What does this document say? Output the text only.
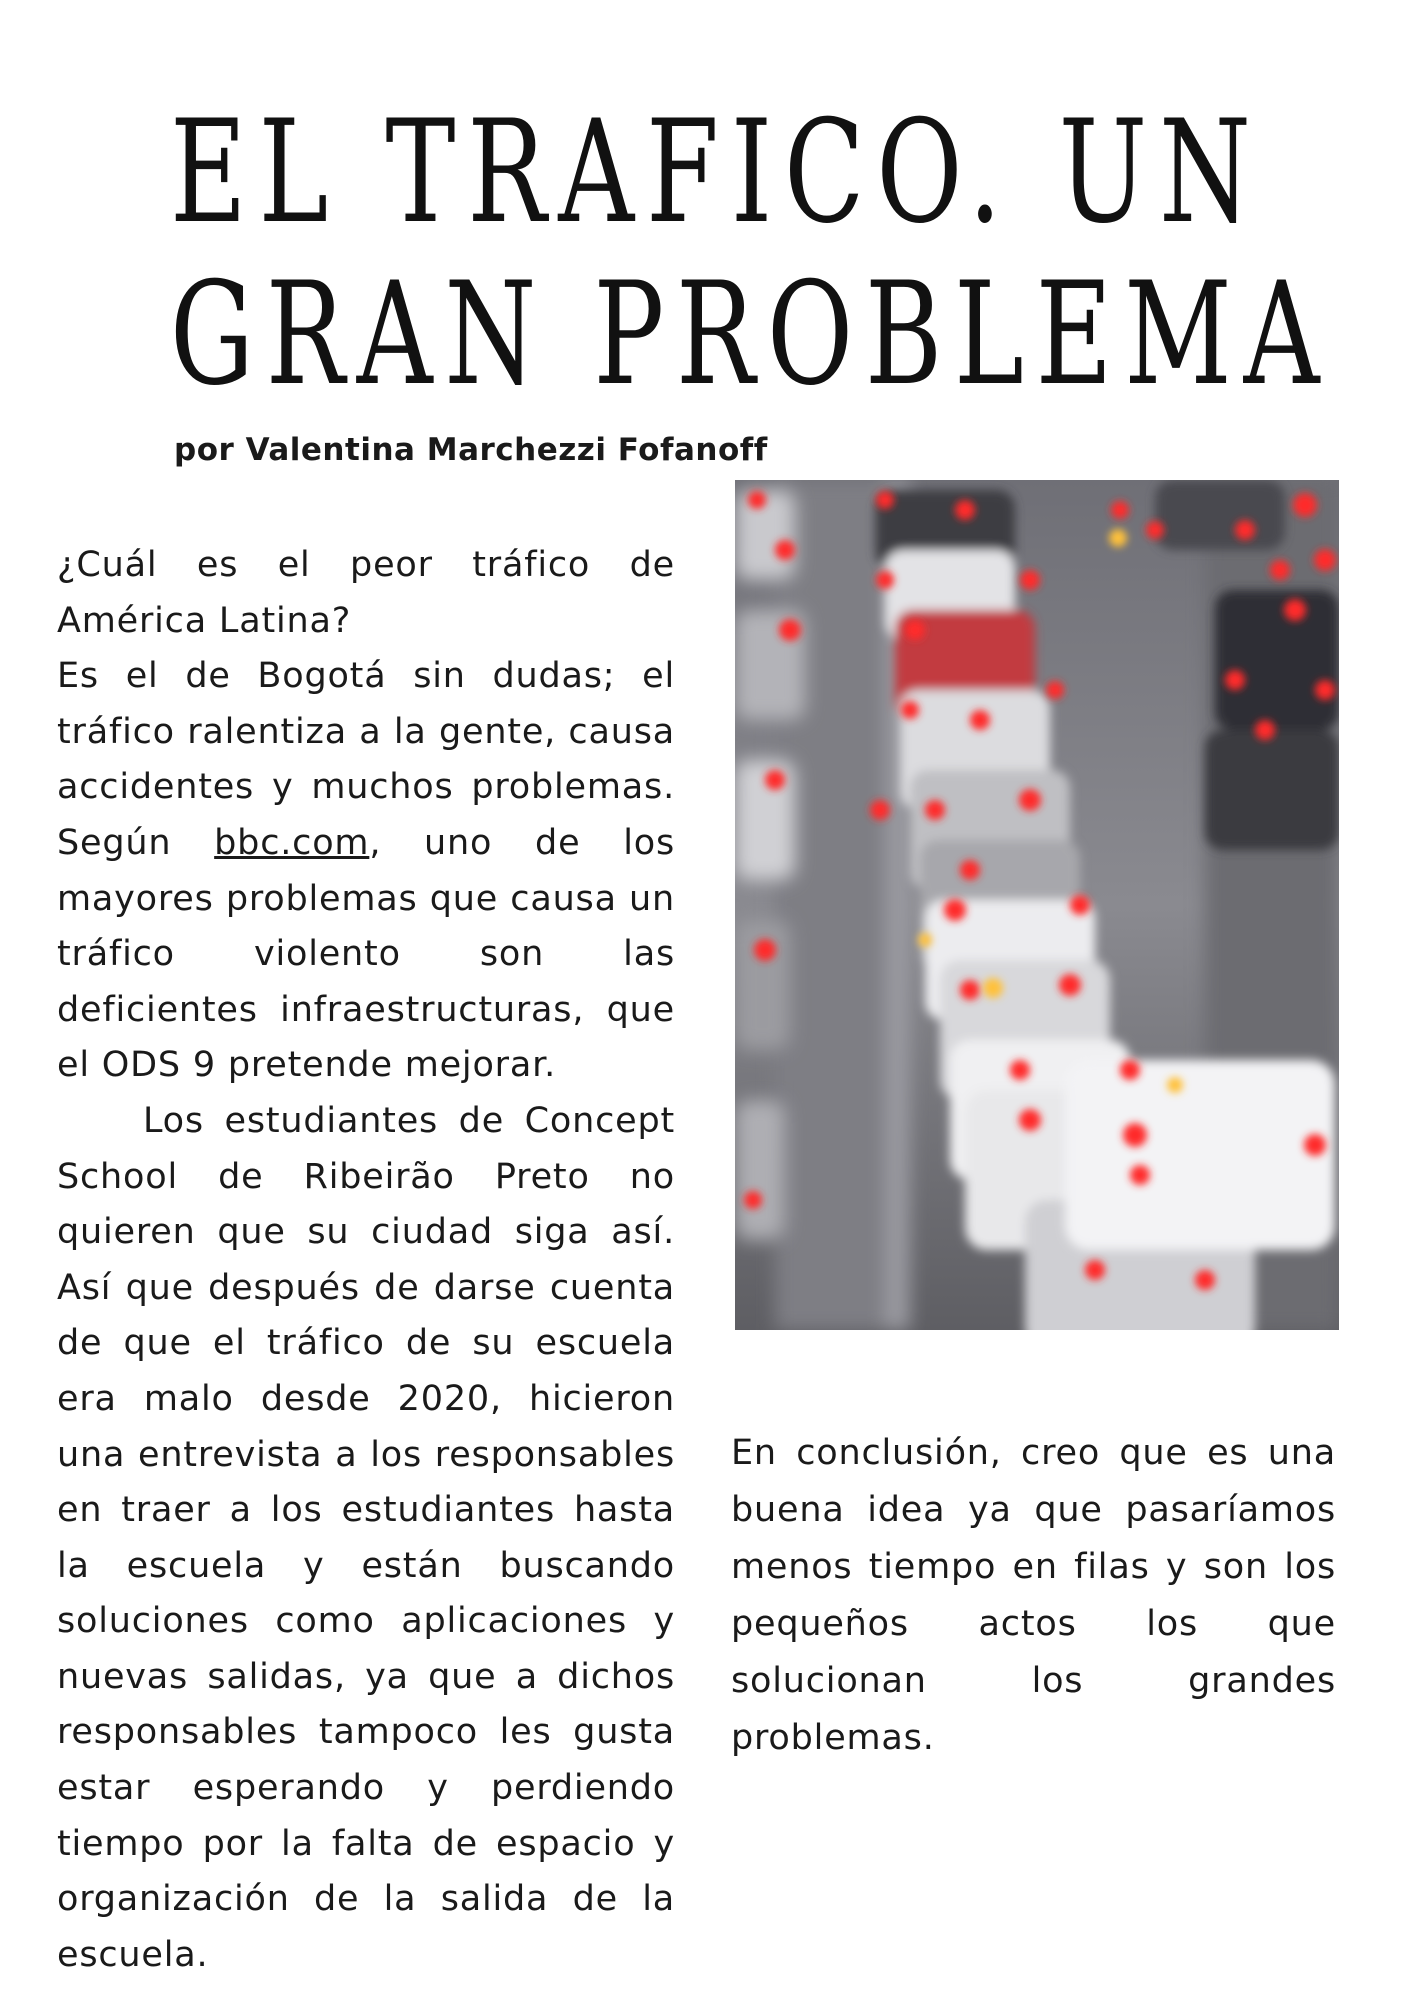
EL TRAFICO. UN
GRAN PROBLEMA
por Valentina Marchezzi Fofanoff

¿Cuál es el peor tráfico de América Latina?

Es el de Bogotá sin dudas; el tráfico ralentiza a la gente, causa accidentes y muchos problemas. Según bbc.com, uno de los mayores problemas que causa un tráfico violento son las deficientes infraestructuras, que el ODS 9 pretende mejorar.

Los estudiantes de Concept School de Ribeirão Preto no quieren que su ciudad siga así. Así que después de darse cuenta de que el tráfico de su escuela era malo desde 2020, hicieron una entrevista a los responsables en traer a los estudiantes hasta la escuela y están buscando soluciones como aplicaciones y nuevas salidas, ya que a dichos responsables tampoco les gusta estar esperando y perdiendo tiempo por la falta de espacio y organización de la salida de la escuela.

En conclusión, creo que es una buena idea ya que pasaríamos menos tiempo en filas y son los pequeños actos los que solucionan los grandes problemas.
